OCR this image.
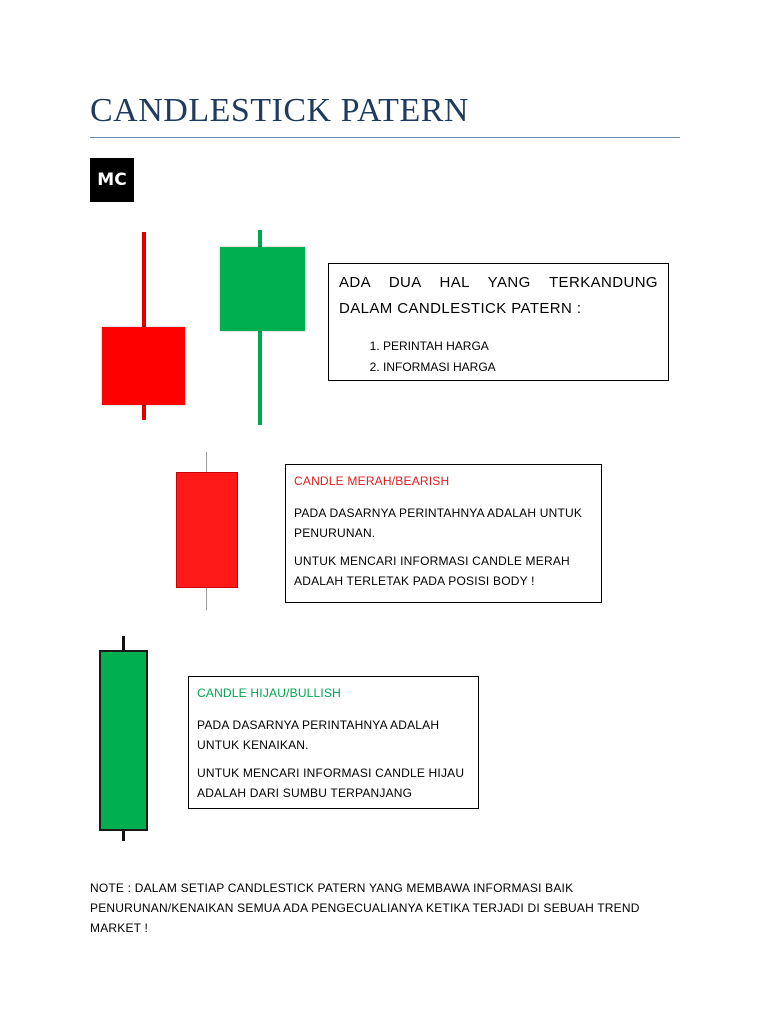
CANDLESTICK PATERN
MC

ADA DUA HAL YANG TERKANDUNG DALAM CANDLESTICK PATERN :

1. PERINTAH HARGA
2. INFORMASI HARGA

CANDLE MERAH/BEARISH

PADA DASARNYA PERINTAHNYA ADALAH UNTUK PENURUNAN.

UNTUK MENCARI INFORMASI CANDLE MERAH ADALAH TERLETAK PADA POSISI BODY !

CANDLE HIJAU/BULLISH

PADA DASARNYA PERINTAHNYA ADALAH UNTUK KENAIKAN.

UNTUK MENCARI INFORMASI CANDLE HIJAU ADALAH DARI SUMBU TERPANJANG

NOTE : DALAM SETIAP CANDLESTICK PATERN YANG MEMBAWA INFORMASI BAIK PENURUNAN/KENAIKAN SEMUA ADA PENGECUALIANYA KETIKA TERJADI DI SEBUAH TREND MARKET !
